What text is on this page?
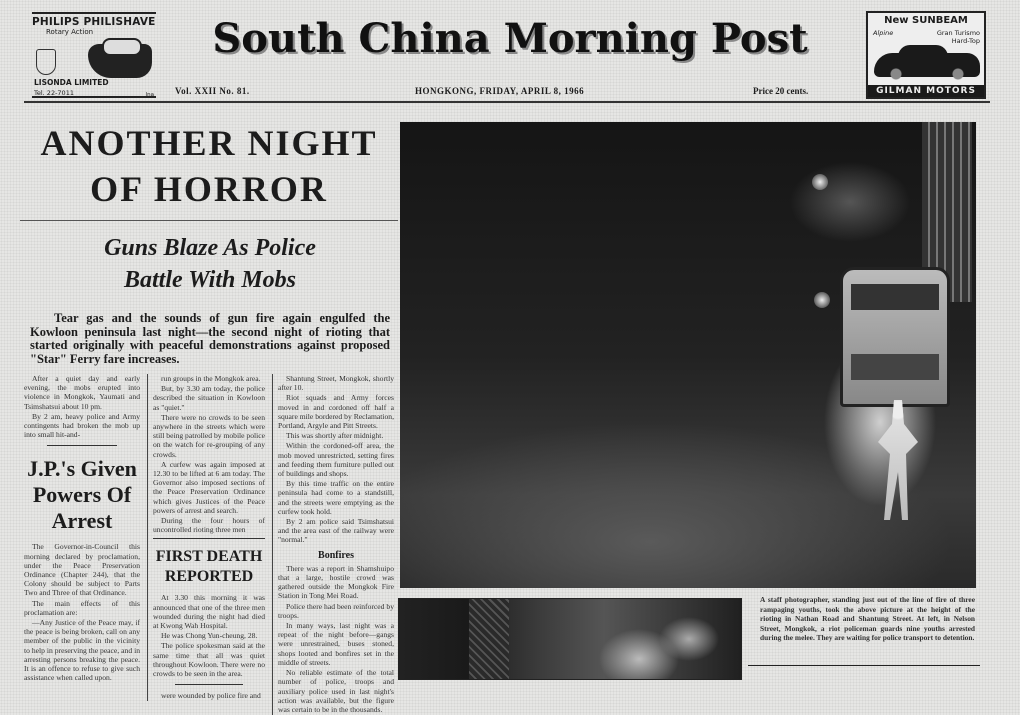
PHILIPS PHILISHAVE
Rotary Action
LISONDA LIMITED
Tel. 22-7011	lna
South China Morning Post
Vol. XXII No. 81.	HONGKONG, FRIDAY, APRIL 8, 1966	Price 20 cents.
New SUNBEAM
Alpine	Gran Turismo Hard-Top
GILMAN MOTORS
ANOTHER NIGHT
OF HORROR
Guns Blaze As Police
Battle With Mobs
Tear gas and the sounds of gun fire again engulfed the Kowloon peninsula last night—the second night of rioting that started originally with peaceful demonstrations against proposed "Star" Ferry fare increases.

After a quiet day and early evening, the mobs erupted into violence in Mongkok, Yaumati and Tsimshatsui about 10 pm.

By 2 am, heavy police and Army contingents had broken the mob up into small hit-and-

J.P.'s Given Powers Of Arrest

The Governor-in-Council this morning declared by proclamation, under the Peace Preservation Ordinance (Chapter 244), that the Colony should be subject to Parts Two and Three of that Ordinance.

The main effects of this proclamation are:

—Any Justice of the Peace may, if the peace is being broken, call on any member of the public in the vicinity to help in preserving the peace, and in arresting persons breaking the peace. It is an offence to refuse to give such assistance when called upon.

run groups in the Mongkok area.

But, by 3.30 am today, the police described the situation in Kowloon as "quiet."

There were no crowds to be seen anywhere in the streets which were still being patrolled by mobile police on the watch for re-grouping of any crowds.

A curfew was again imposed at 12.30 to be lifted at 6 am today. The Governor also imposed sections of the Peace Preservation Ordinance which gives Justices of the Peace powers of arrest and search.

During the four hours of uncontrolled rioting three men

FIRST DEATH REPORTED

At 3.30 this morning it was announced that one of the three men wounded during the night had died at Kwong Wah Hospital.

He was Chong Yun-cheung, 28.

The police spokesman said at the same time that all was quiet throughout Kowloon. There were no crowds to be seen in the area.

were wounded by police fire and

Shantung Street, Mongkok, shortly after 10.

Riot squads and Army forces moved in and cordoned off half a square mile bordered by Reclamation, Portland, Argyle and Pitt Streets.

This was shortly after midnight.

Within the cordoned-off area, the mob moved unrestricted, setting fires and feeding them furniture pulled out of buildings and shops.

By this time traffic on the entire peninsula had come to a standstill, and the streets were emptying as the curfew took hold.

By 2 am police said Tsimshatsui and the area east of the railway were "normal."

Bonfires

There was a report in Shamshuipo that a large, hostile crowd was gathered outside the Mongkok Fire Station in Tong Mei Road.

Police there had been reinforced by troops.

In many ways, last night was a repeat of the night before—gangs were unrestrained, buses stoned, shops looted and bonfires set in the middle of streets.

No reliable estimate of the total number of police, troops and auxiliary police used in last night's action was available, but the figure was certain to be in the thousands.

A staff photographer, standing just out of the line of fire of three rampaging youths, took the above picture at the height of the rioting in Nathan Road and Shantung Street. At left, in Nelson Street, Mongkok, a riot policeman guards nine youths arrested during the melee. They are waiting for police transport to detention.
